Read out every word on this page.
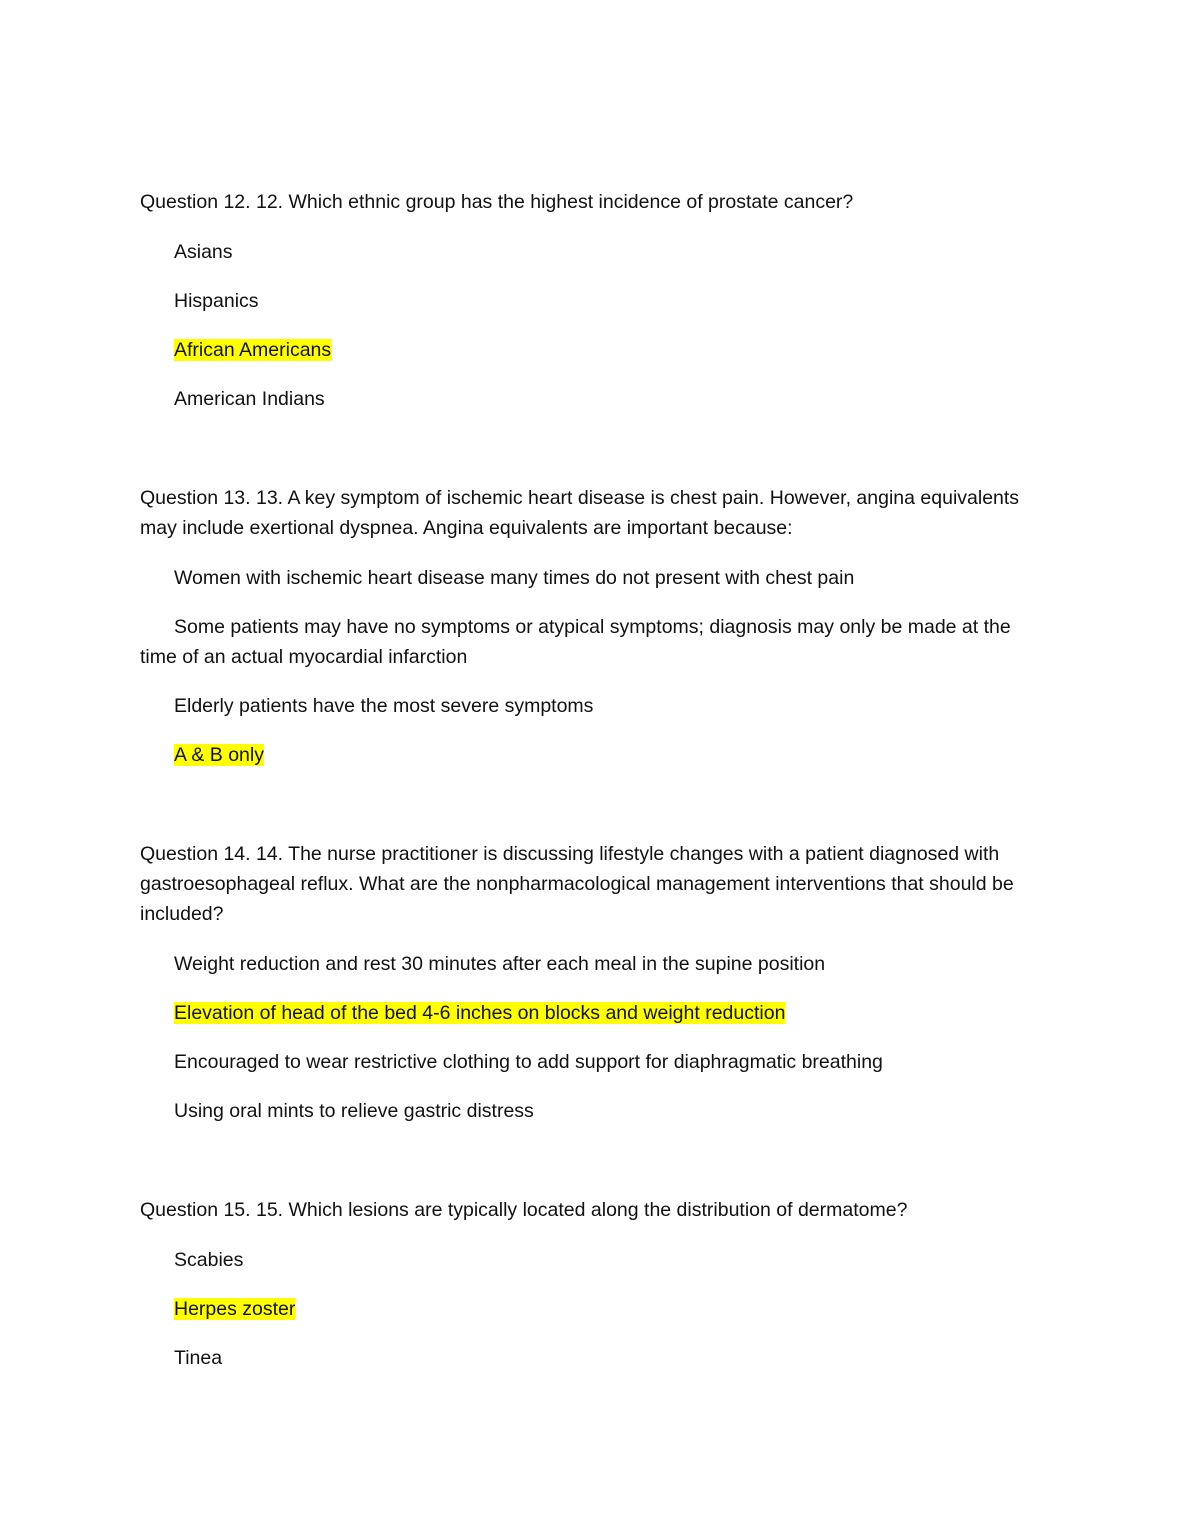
Question 12. 12. Which ethnic group has the highest incidence of prostate cancer?

Asians

Hispanics

African Americans

American Indians

Question 13. 13. A key symptom of ischemic heart disease is chest pain. However, angina equivalents may include exertional dyspnea. Angina equivalents are important because:

Women with ischemic heart disease many times do not present with chest pain

Some patients may have no symptoms or atypical symptoms; diagnosis may only be made at the time of an actual myocardial infarction

Elderly patients have the most severe symptoms

A & B only

Question 14. 14. The nurse practitioner is discussing lifestyle changes with a patient diagnosed with gastroesophageal reflux. What are the nonpharmacological management interventions that should be included?

Weight reduction and rest 30 minutes after each meal in the supine position

Elevation of head of the bed 4-6 inches on blocks and weight reduction

Encouraged to wear restrictive clothing to add support for diaphragmatic breathing

Using oral mints to relieve gastric distress

Question 15. 15. Which lesions are typically located along the distribution of dermatome?

Scabies

Herpes zoster

Tinea
